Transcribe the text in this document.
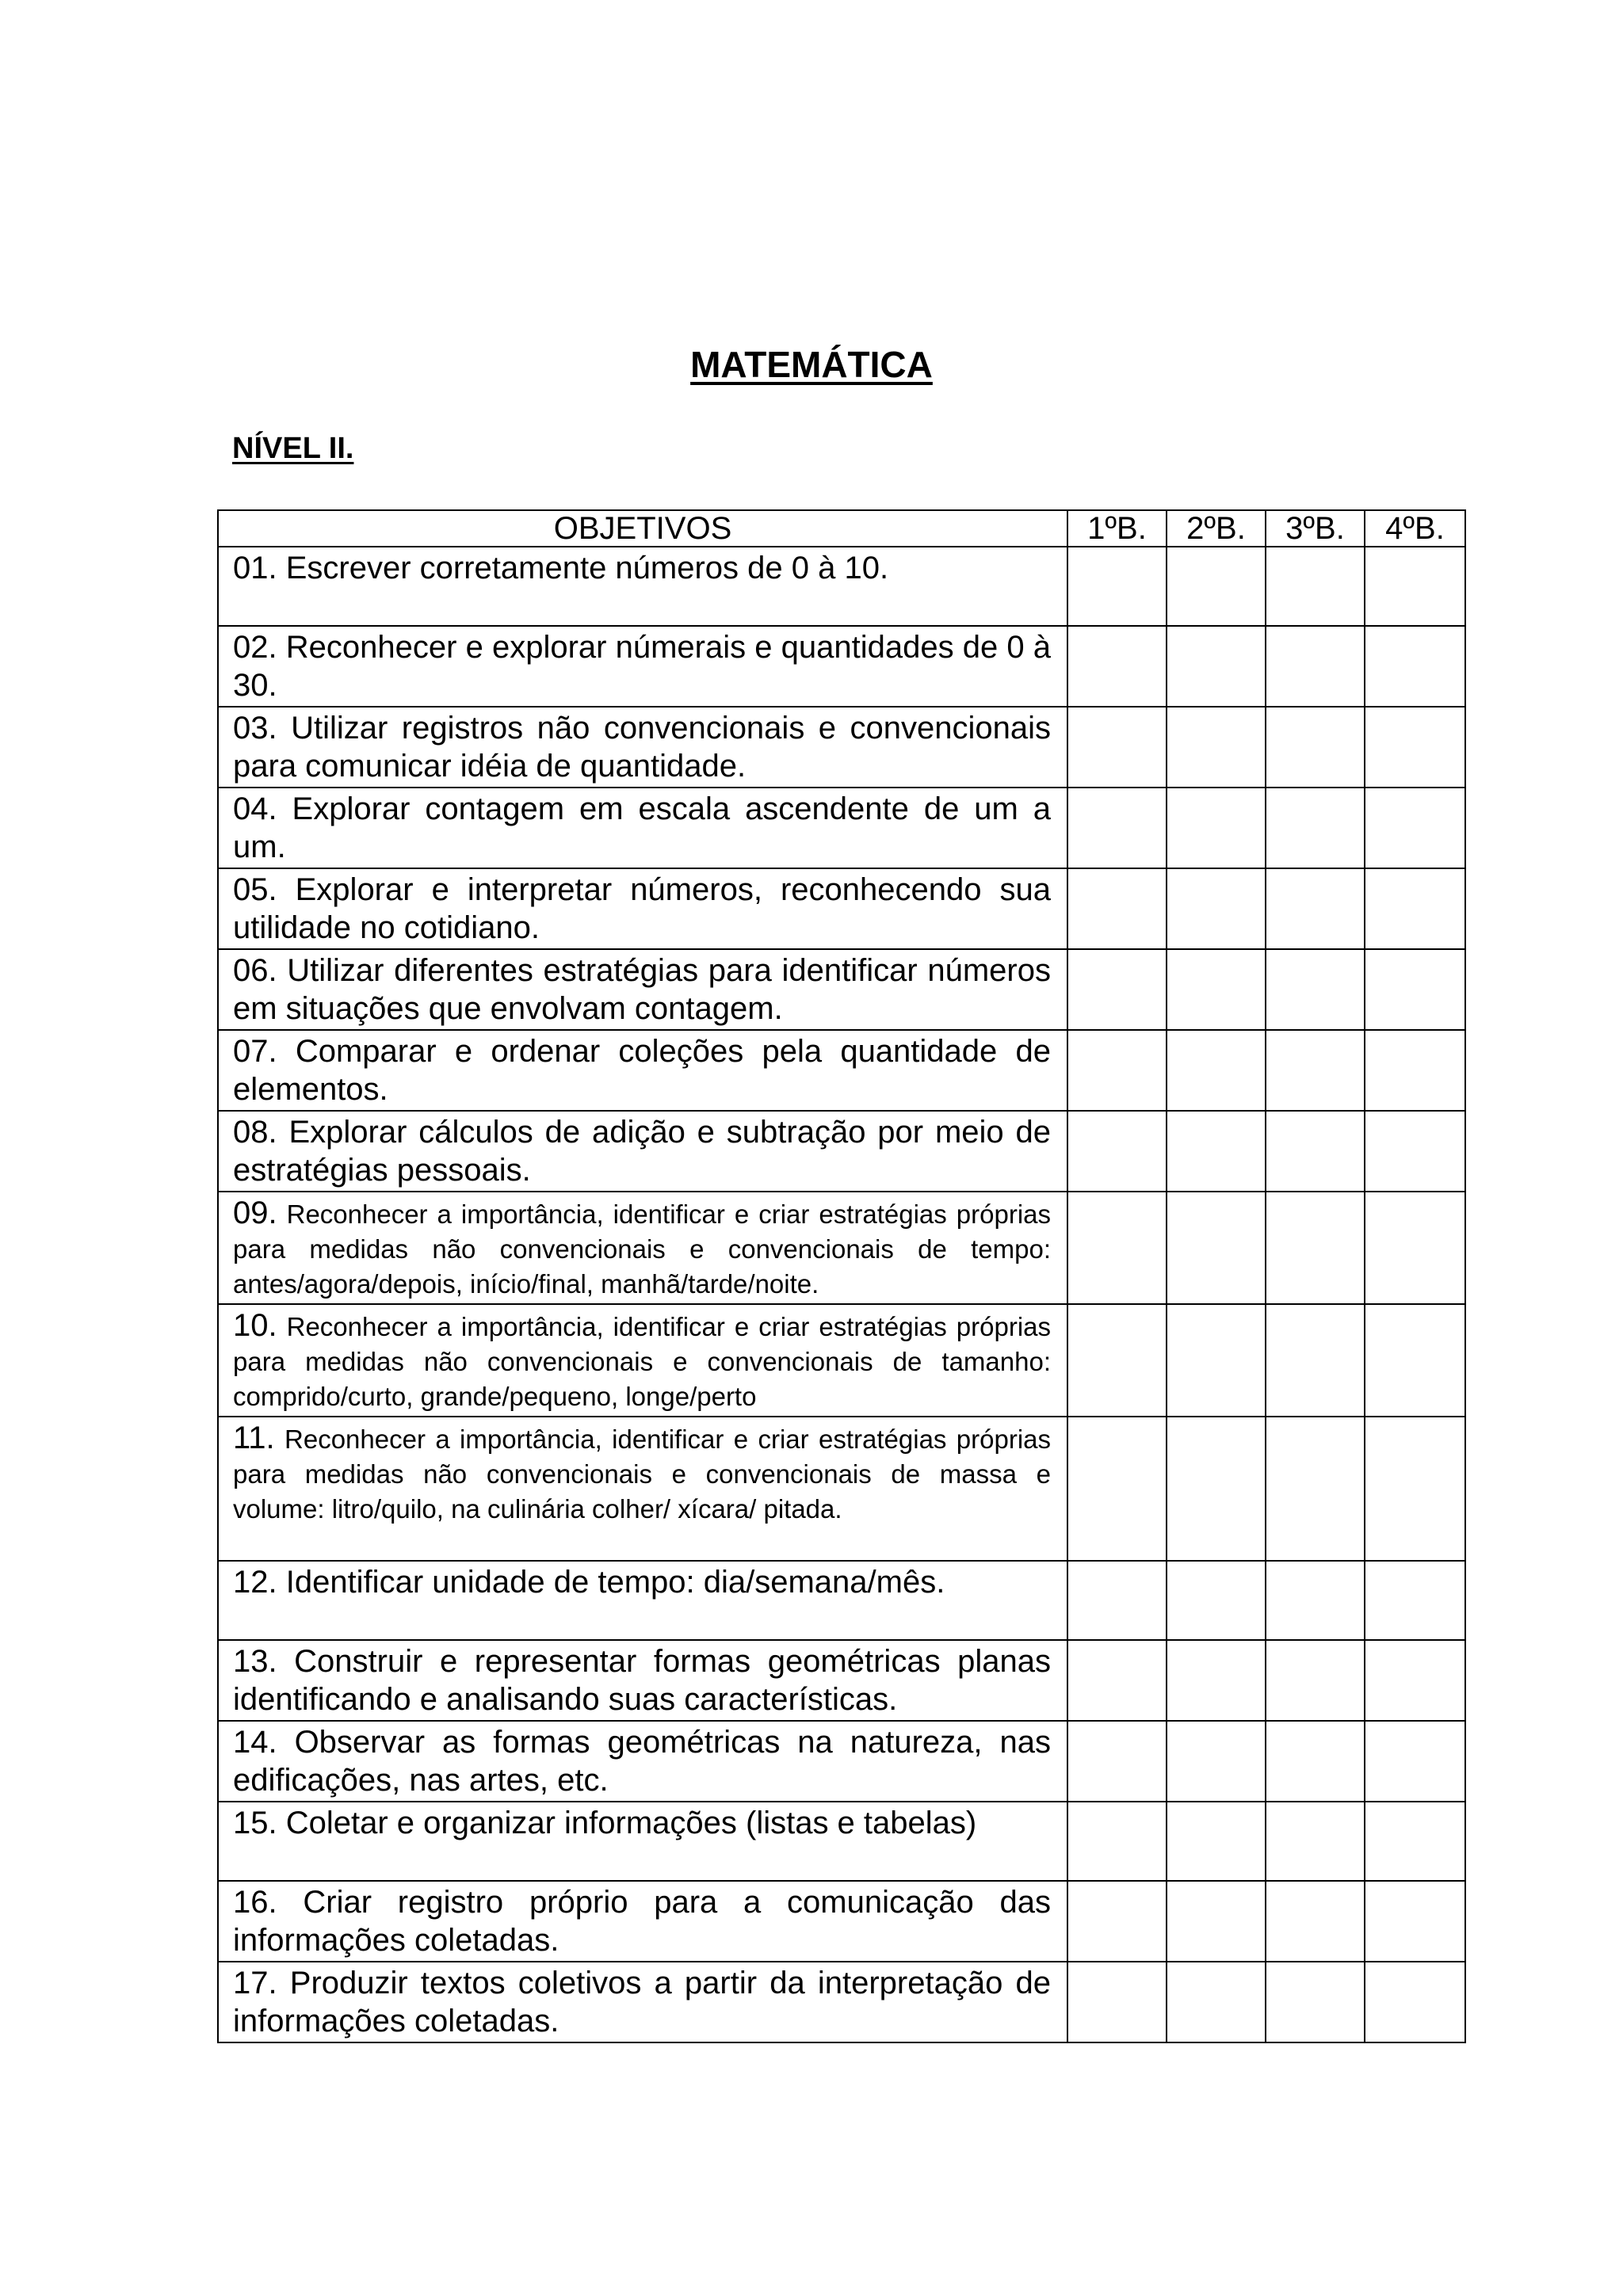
MATEMÁTICA
NÍVEL II.
OBJETIVOS	1ºB.	2ºB.	3ºB.	4ºB.
01. Escrever corretamente números de 0 à 10.				
02. Reconhecer e explorar númerais e quantidades de 0 à 30.				
03. Utilizar registros não convencionais e convencionais para comunicar idéia de quantidade.				
04. Explorar contagem em escala ascendente de um a um.				
05. Explorar e interpretar números, reconhecendo sua utilidade no cotidiano.				
06. Utilizar diferentes estratégias para identificar números em situações que envolvam contagem.				
07. Comparar e ordenar coleções pela quantidade de elementos.				
08. Explorar cálculos de adição e subtração por meio de estratégias pessoais.				
09. Reconhecer a importância, identificar e criar estratégias próprias para medidas não convencionais e convencionais de tempo: antes/agora/depois, início/final, manhã/tarde/noite.				
10. Reconhecer a importância, identificar e criar estratégias próprias para medidas não convencionais e convencionais de tamanho: comprido/curto, grande/pequeno, longe/perto				
11. Reconhecer a importância, identificar e criar estratégias próprias para medidas não convencionais e convencionais de massa e volume: litro/quilo, na culinária colher/ xícara/ pitada.				
12. Identificar unidade de tempo: dia/semana/mês.				
13. Construir e representar formas geométricas planas identificando e analisando suas características.				
14. Observar as formas geométricas na natureza, nas edificações, nas artes, etc.				
15. Coletar e organizar informações (listas e tabelas)				
16. Criar registro próprio para a comunicação das informações coletadas.				
17. Produzir textos coletivos a partir da interpretação de informações coletadas.				
